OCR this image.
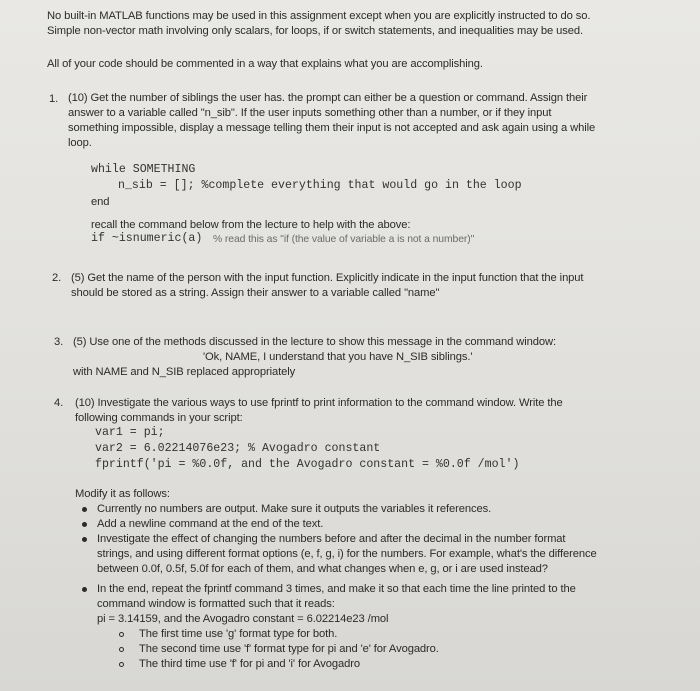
No built-in MATLAB functions may be used in this assignment except when you are explicitly instructed to do so.
Simple non-vector math involving only scalars, for loops, if or switch statements, and inequalities may be used.
All of your code should be commented in a way that explains what you are accomplishing.
1. (10) Get the number of siblings the user has. the prompt can either be a question or command. Assign their
answer to a variable called "n_sib". If the user inputs something other than a number, or if they input
something impossible, display a message telling them their input is not accepted and ask again using a while
loop.
while SOMETHING
n_sib = []; %complete everything that would go in the loop
end
recall the command below from the lecture to help with the above:
if ~isnumeric(a) % read this as "if (the value of variable a is not a number)"
2. (5) Get the name of the person with the input function. Explicitly indicate in the input function that the input
should be stored as a string. Assign their answer to a variable called "name"
3. (5) Use one of the methods discussed in the lecture to show this message in the command window:
'Ok, NAME, I understand that you have N_SIB siblings.'
with NAME and N_SIB replaced appropriately
4. (10) Investigate the various ways to use fprintf to print information to the command window. Write the
following commands in your script:
var1 = pi;
var2 = 6.02214076e23; % Avogadro constant
fprintf('pi = %0.0f, and the Avogadro constant = %0.0f /mol')
Modify it as follows:
Currently no numbers are output. Make sure it outputs the variables it references.
Add a newline command at the end of the text.
Investigate the effect of changing the numbers before and after the decimal in the number format
strings, and using different format options (e, f, g, i) for the numbers. For example, what's the difference
between 0.0f, 0.5f, 5.0f for each of them, and what changes when e, g, or i are used instead?
In the end, repeat the fprintf command 3 times, and make it so that each time the line printed to the
command window is formatted such that it reads:
pi = 3.14159, and the Avogadro constant = 6.02214e23 /mol
The first time use 'g' format type for both.
The second time use 'f' format type for pi and 'e' for Avogadro.
The third time use 'f' for pi and 'i' for Avogadro
